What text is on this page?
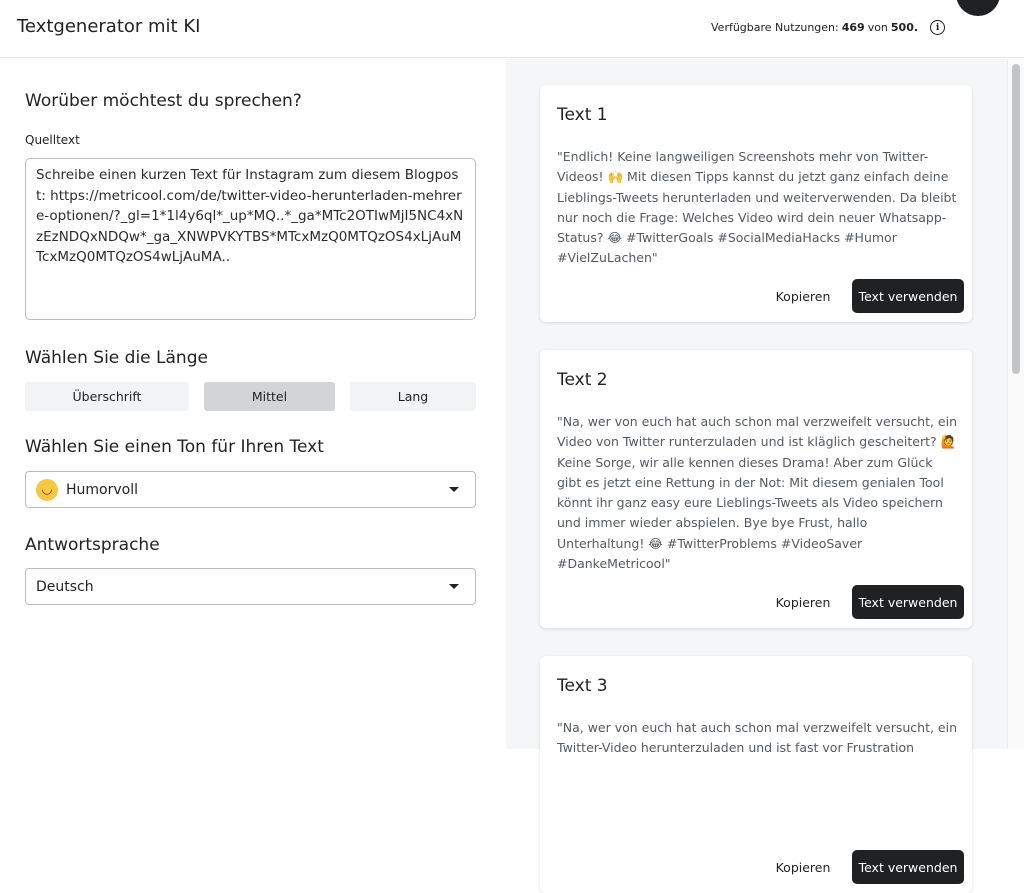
Textgenerator mit KI	Verfügbare Nutzungen: 469 von 500.	i
Worüber möchtest du sprechen?
Quelltext
Schreibe einen kurzen Text für Instagram zum diesem Blogpost: https://metricool.com/de/twitter-video-herunterladen-mehrere-optionen/?_gl=1*1l4y6ql*_up*MQ..*_ga*MTc2OTIwMjI5NC4xNzEzNDQxNDQw*_ga_XNWPVKYTBS*MTcxMzQ0MTQzOS4xLjAuMTcxMzQ0MTQzOS4wLjAuMA..
Wählen Sie die Länge
Überschrift	Mittel	Lang
Wählen Sie einen Ton für Ihren Text
◡ Humorvoll
Antwortsprache
Deutsch
Text 1
"Endlich! Keine langweiligen Screenshots mehr von Twitter-Videos! 🙌 Mit diesen Tipps kannst du jetzt ganz einfach deine Lieblings-Tweets herunterladen und weiterverwenden. Da bleibt nur noch die Frage: Welches Video wird dein neuer Whatsapp-Status? 😂 #TwitterGoals #SocialMediaHacks #Humor #VielZuLachen"
Kopieren	Text verwenden
Text 2
"Na, wer von euch hat auch schon mal verzweifelt versucht, ein Video von Twitter runterzuladen und ist kläglich gescheitert? 🙋 Keine Sorge, wir alle kennen dieses Drama! Aber zum Glück gibt es jetzt eine Rettung in der Not: Mit diesem genialen Tool könnt ihr ganz easy eure Lieblings-Tweets als Video speichern und immer wieder abspielen. Bye bye Frust, hallo Unterhaltung! 😂 #TwitterProblems #VideoSaver #DankeMetricool"
Kopieren	Text verwenden
Text 3
"Na, wer von euch hat auch schon mal verzweifelt versucht, ein Twitter-Video herunterzuladen und ist fast vor Frustration
Kopieren	Text verwenden
